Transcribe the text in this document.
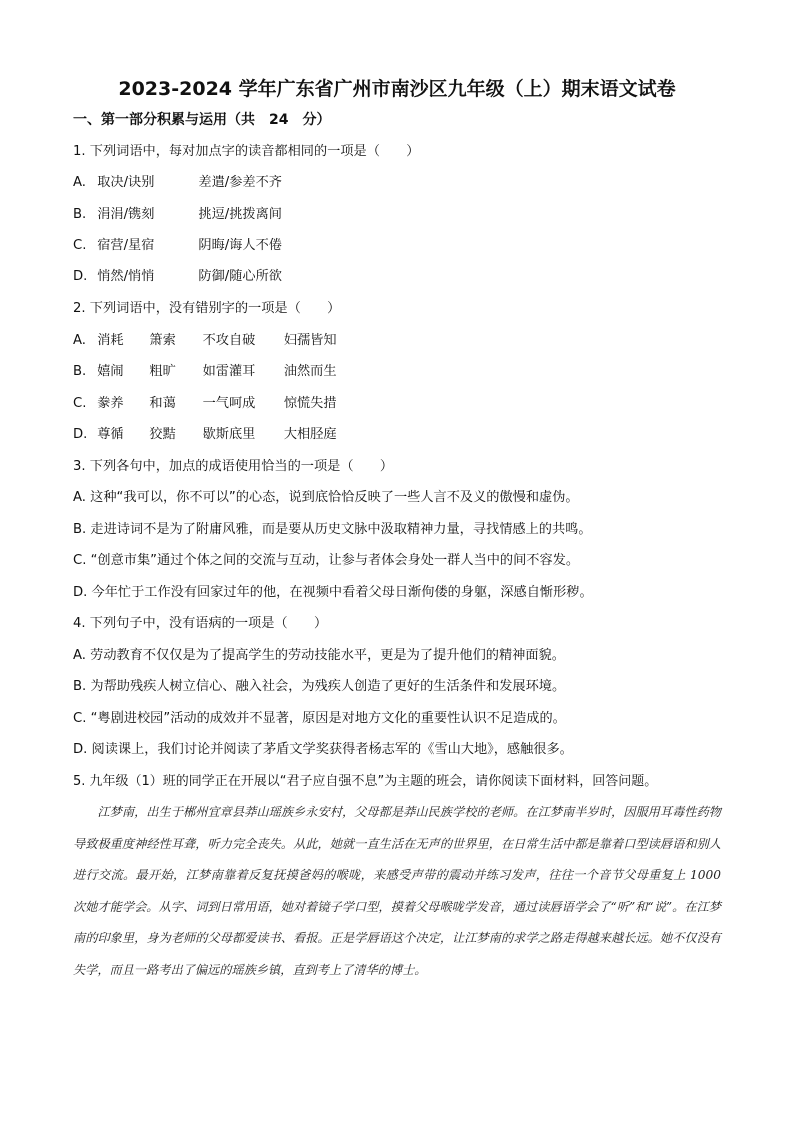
2023-2024 学年广东省广州市南沙区九年级（上）期末语文试卷
一、第一部分积累与运用（共　24　分）
1. 下列词语中，每对加点字的读音都相同的一项是（　　）
A. 取决/诀别	差遣/参差不齐
B. 涓涓/镌刻	挑逗/挑拨离间
C. 宿营/星宿	阴晦/诲人不倦
D. 悄然/悄悄	防御/随心所欲
2. 下列词语中，没有错别字的一项是（　　）
A. 消耗 箫索 不攻自破 妇孺皆知
B. 嬉闹 粗旷 如雷灌耳 油然而生
C. 豢养 和蔼 一气呵成 惊慌失措
D. 尊循 狡黠 歇斯底里 大相胫庭
3. 下列各句中，加点的成语使用恰当的一项是（　　）
A. 这种“我可以，你不可以”的心态，说到底恰恰反映了一些人言不及义的傲慢和虚伪。
B. 走进诗词不是为了附庸风雅，而是要从历史文脉中汲取精神力量，寻找情感上的共鸣。
C. “创意市集”通过个体之间的交流与互动，让参与者体会身处一群人当中的间不容发。
D. 今年忙于工作没有回家过年的他，在视频中看着父母日渐佝偻的身躯，深感自惭形秽。
4. 下列句子中，没有语病的一项是（　　）
A. 劳动教育不仅仅是为了提高学生的劳动技能水平，更是为了提升他们的精神面貌。
B. 为帮助残疾人树立信心、融入社会，为残疾人创造了更好的生活条件和发展环境。
C. “粤剧进校园”活动的成效并不显著，原因是对地方文化的重要性认识不足造成的。
D. 阅读课上，我们讨论并阅读了茅盾文学奖获得者杨志军的《雪山大地》，感触很多。
5. 九年级（1）班的同学正在开展以“君子应自强不息”为主题的班会，请你阅读下面材料，回答问题。
江梦南，出生于郴州宜章县莽山瑶族乡永安村，父母都是莽山民族学校的老师。在江梦南半岁时，因服用耳毒性药物导致极重度神经性耳聋，听力完全丧失。从此，她就一直生活在无声的世界里，在日常生活中都是靠着口型读唇语和别人进行交流。最开始，江梦南靠着反复抚摸爸妈的喉咙，来感受声带的震动并练习发声，往往一个音节父母重复上 1000 次她才能学会。从字、词到日常用语，她对着镜子学口型，摸着父母喉咙学发音，通过读唇语学会了“听”和“说”。在江梦南的印象里，身为老师的父母都爱读书、看报。正是学唇语这个决定，让江梦南的求学之路走得越来越长远。她不仅没有失学，而且一路考出了偏远的瑶族乡镇，直到考上了清华的博士。
